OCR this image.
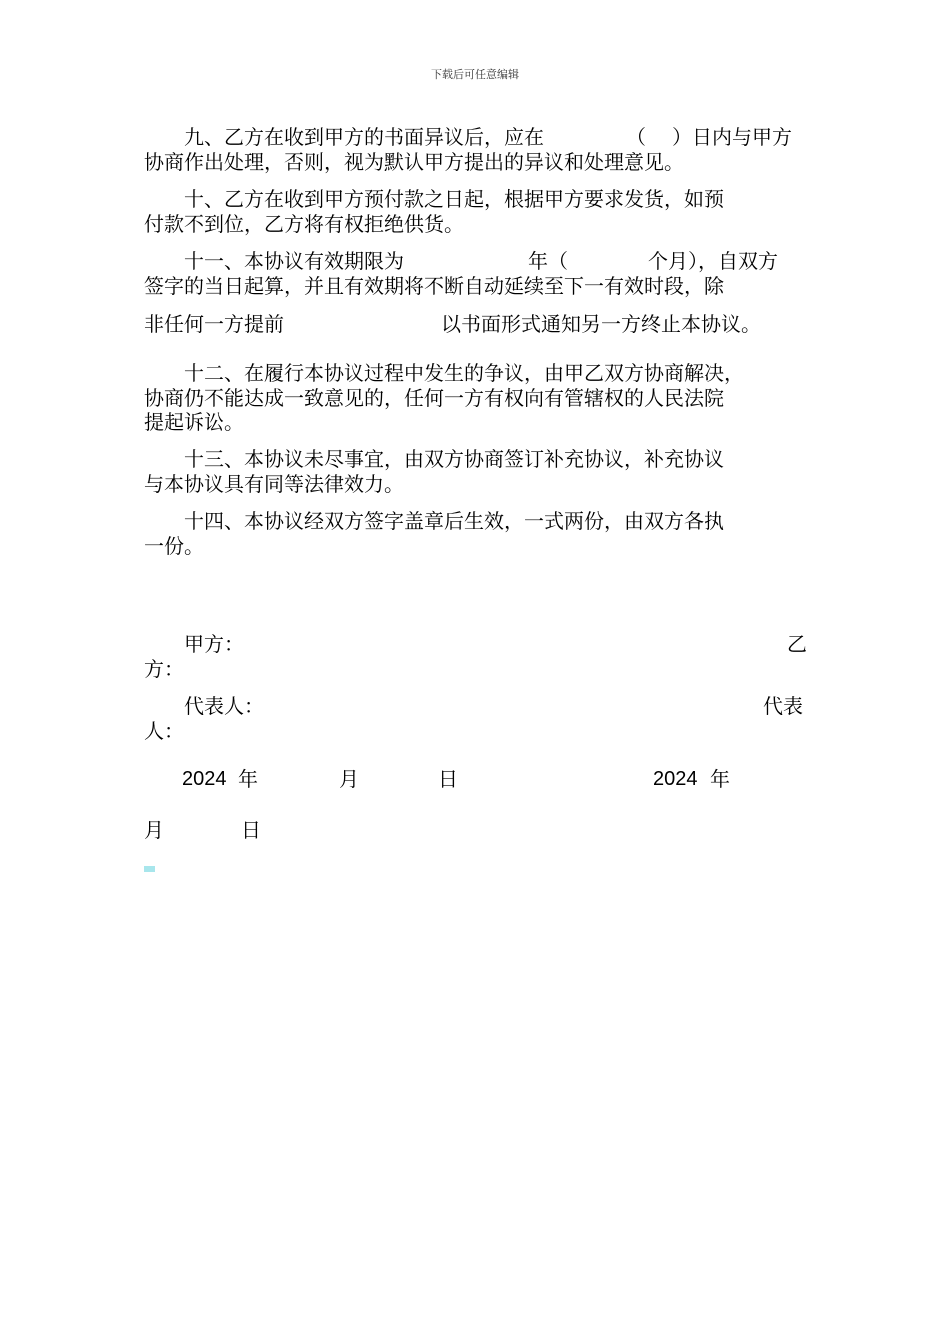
下载后可任意编辑
九、乙方在收到甲方的书面异议后，应在	（ ）日内与甲方
协商作出处理，否则，视为默认甲方提出的异议和处理意见。
十、乙方在收到甲方预付款之日起，根据甲方要求发货，如预
付款不到位，乙方将有权拒绝供货。
十一、本协议有效期限为	年（	个月），自双方
签字的当日起算，并且有效期将不断自动延续至下一有效时段，除
非任何一方提前	以书面形式通知另一方终止本协议。
十二、在履行本协议过程中发生的争议，由甲乙双方协商解决，
协商仍不能达成一致意见的，任何一方有权向有管辖权的人民法院
提起诉讼。
十三、本协议未尽事宜，由双方协商签订补充协议，补充协议
与本协议具有同等法律效力。
十四、本协议经双方签字盖章后生效，一式两份，由双方各执
一份。
甲方：	乙
方：
代表人：	代表
人：
2024 年	月	日	2024 年
月	日
